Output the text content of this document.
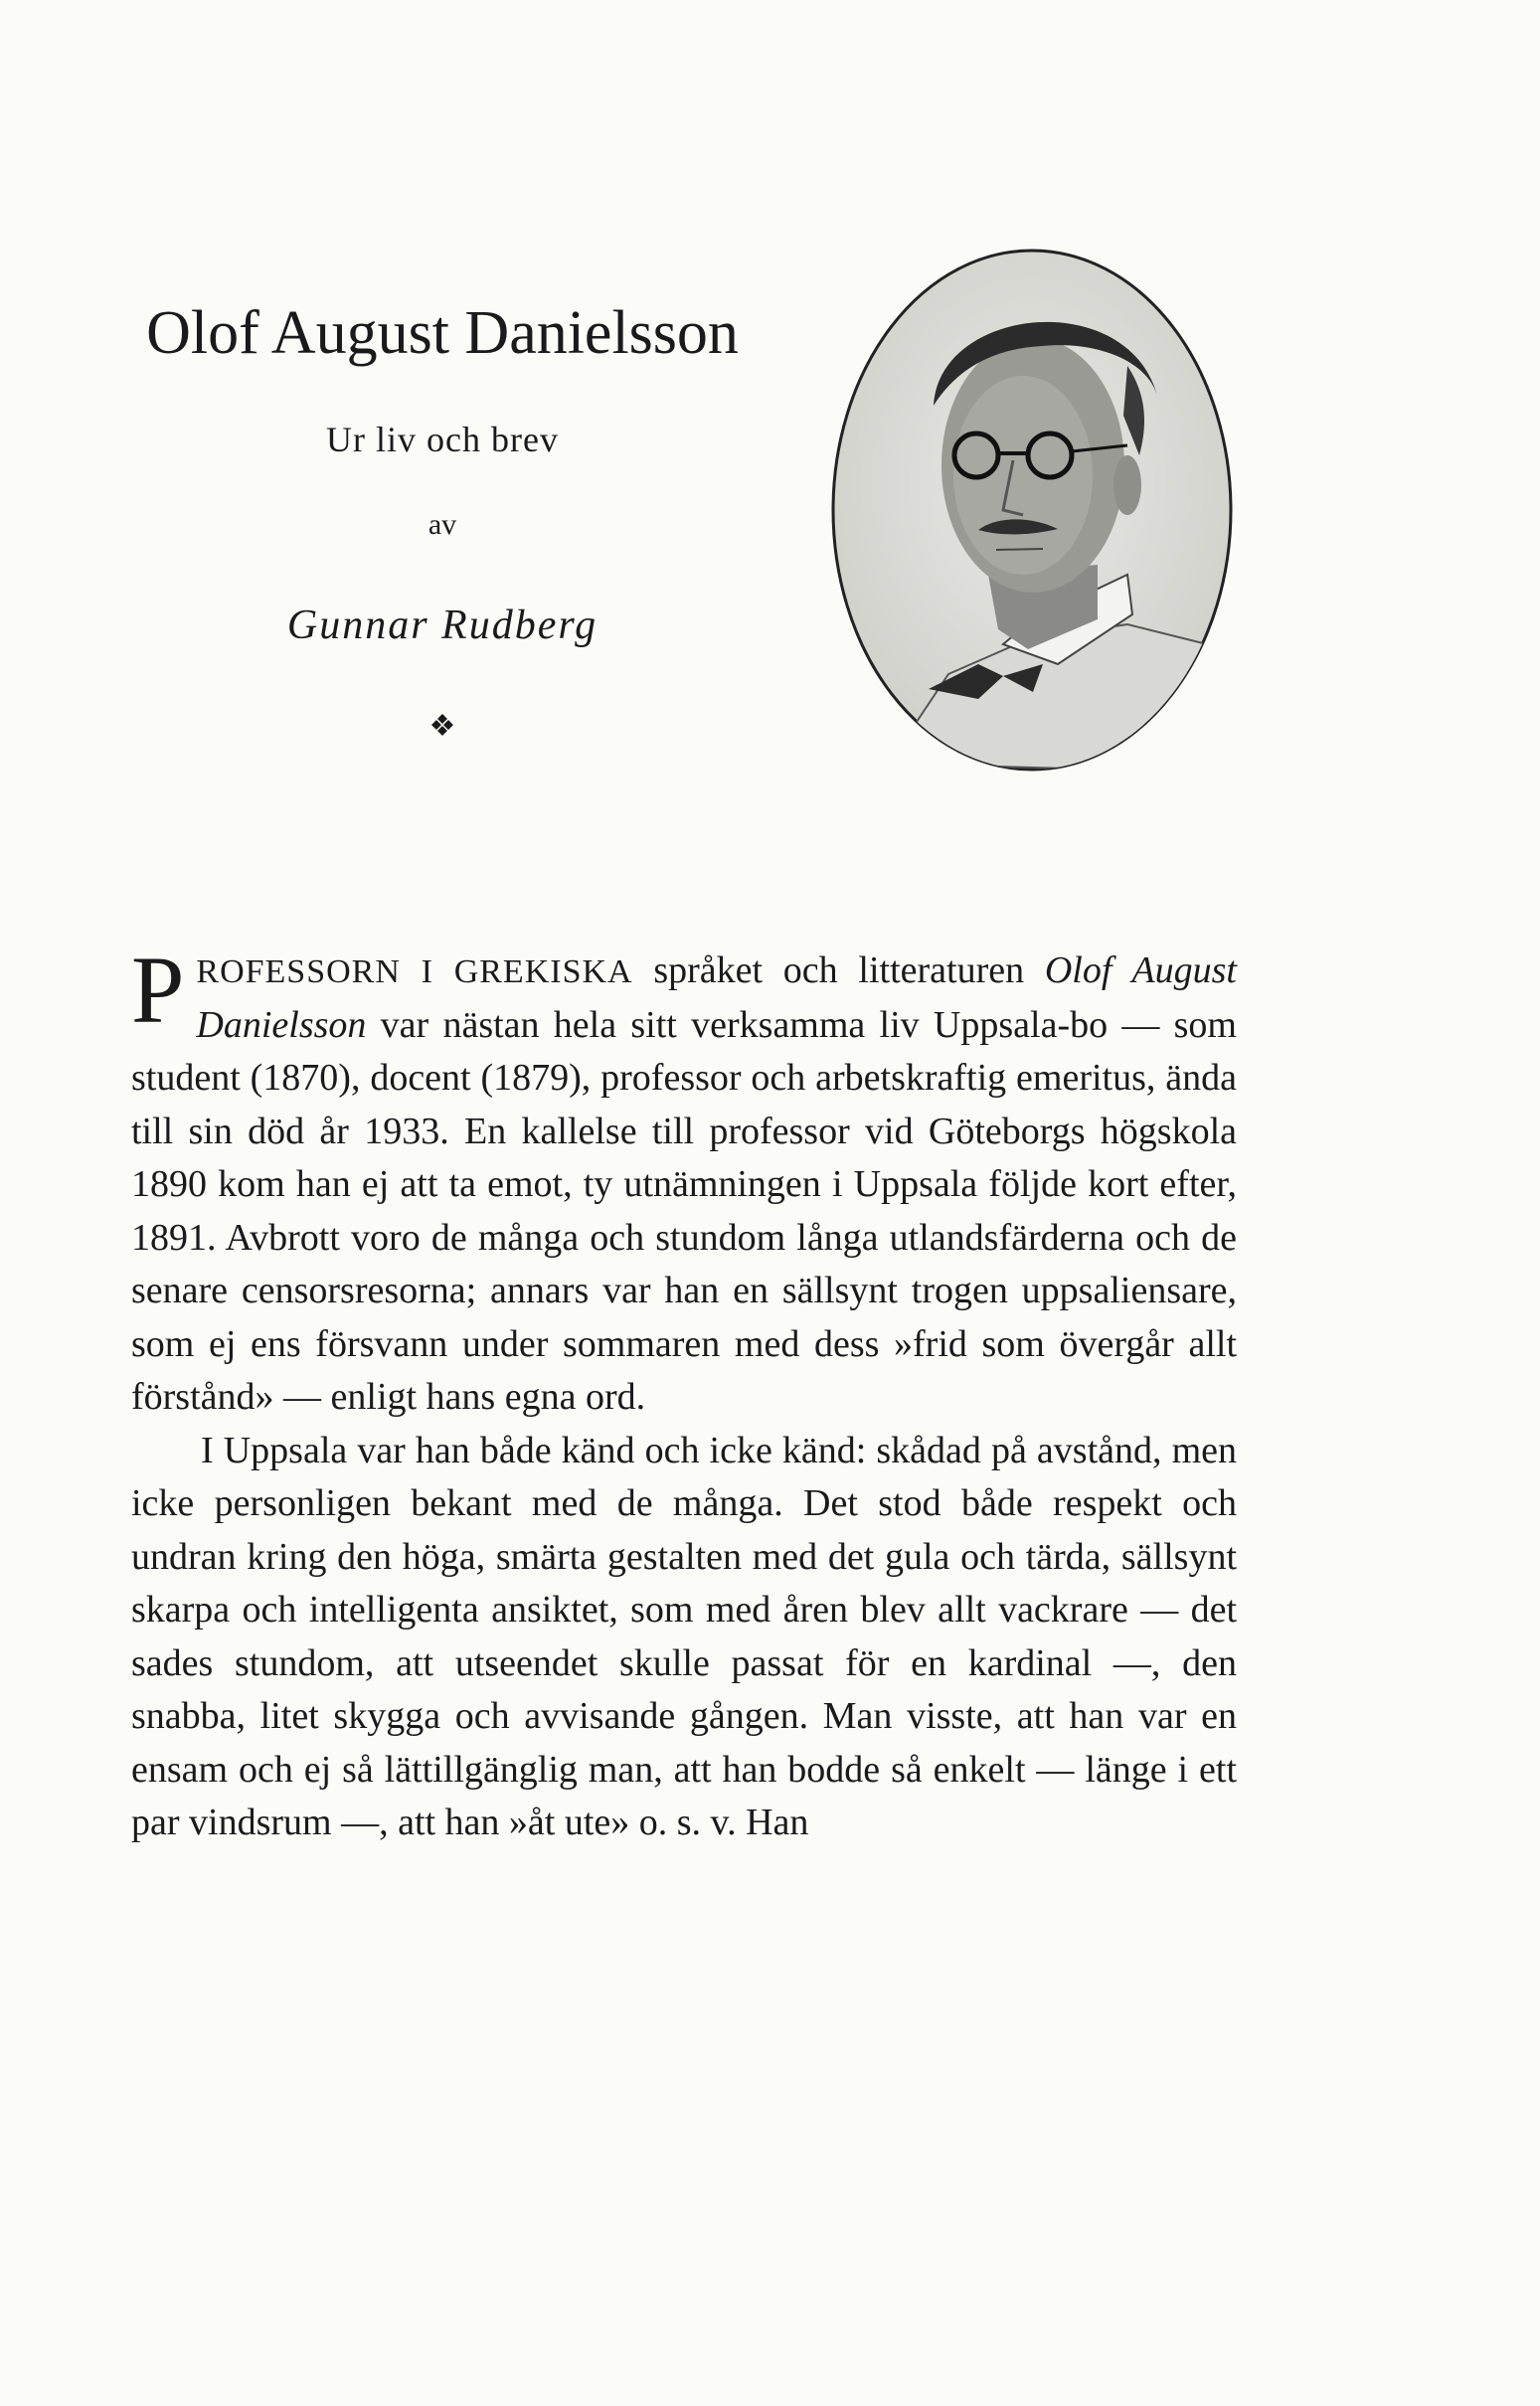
Olof August Danielsson
Ur liv och brev
av
Gunnar Rudberg
❖

PROFESSORN I GREKISKA språket och litteraturen Olof August Danielsson var nästan hela sitt verksamma liv Uppsala-bo — som student (1870), docent (1879), professor och arbetskraftig emeritus, ända till sin död år 1933. En kallelse till professor vid Göteborgs högskola 1890 kom han ej att ta emot, ty utnämningen i Uppsala följde kort efter, 1891. Avbrott voro de många och stundom långa utlandsfärderna och de senare censorsresorna; annars var han en sällsynt trogen uppsaliensare, som ej ens försvann under sommaren med dess »frid som övergår allt förstånd» — enligt hans egna ord.

I Uppsala var han både känd och icke känd: skådad på avstånd, men icke personligen bekant med de många. Det stod både respekt och undran kring den höga, smärta gestalten med det gula och tärda, sällsynt skarpa och intelligenta ansiktet, som med åren blev allt vackrare — det sades stundom, att utseendet skulle passat för en kardinal —, den snabba, litet skygga och avvisande gången. Man visste, att han var en ensam och ej så lättillgänglig man, att han bodde så enkelt — länge i ett par vindsrum —, att han »åt ute» o. s. v. Han
